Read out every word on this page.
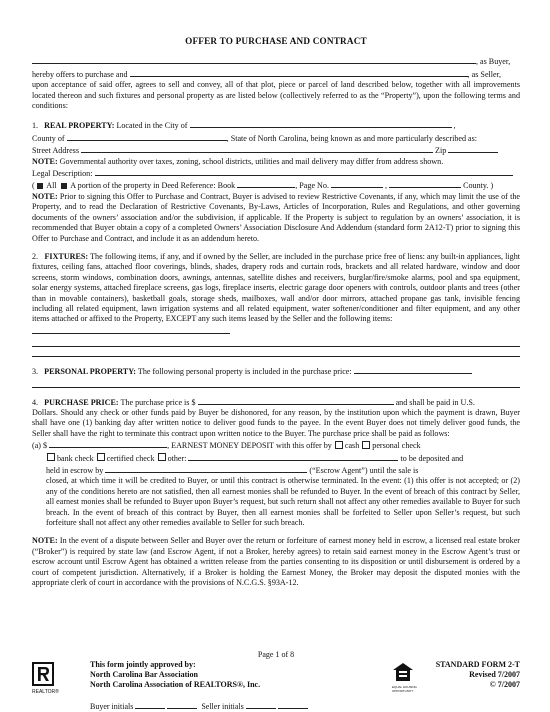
OFFER TO PURCHASE AND CONTRACT

, as Buyer,

hereby offers to purchase and	, as Seller,

upon acceptance of said offer, agrees to sell and convey, all of that plot, piece or parcel of land described below, together with all improvements located thereon and such fixtures and personal property as are listed below (collectively referred to as the “Property”), upon the following terms and conditions:

1. REAL PROPERTY: Located in the City of	,

County of	, State of North Carolina, being known as and more particularly described as:

Street Address	Zip

NOTE: Governmental authority over taxes, zoning, school districts, utilities and mail delivery may differ from address shown.

Legal Description:

( All A portion of the property in Deed Reference: Book	, Page No.	,	County. )

NOTE: Prior to signing this Offer to Purchase and Contract, Buyer is advised to review Restrictive Covenants, if any, which may limit the use of the Property, and to read the Declaration of Restrictive Covenants, By-Laws, Articles of Incorporation, Rules and Regulations, and other governing documents of the owners’ association and/or the subdivision, if applicable. If the Property is subject to regulation by an owners’ association, it is recommended that Buyer obtain a copy of a completed Owners’ Association Disclosure And Addendum (standard form 2A12-T) prior to signing this Offer to Purchase and Contract, and include it as an addendum hereto.

2. FIXTURES: The following items, if any, and if owned by the Seller, are included in the purchase price free of liens: any built-in appliances, light fixtures, ceiling fans, attached floor coverings, blinds, shades, drapery rods and curtain rods, brackets and all related hardware, window and door screens, storm windows, combination doors, awnings, antennas, satellite dishes and receivers, burglar/fire/smoke alarms, pool and spa equipment, solar energy systems, attached fireplace screens, gas logs, fireplace inserts, electric garage door openers with controls, outdoor plants and trees (other than in movable containers), basketball goals, storage sheds, mailboxes, wall and/or door mirrors, attached propane gas tank, invisible fencing including all related equipment, lawn irrigation systems and all related equipment, water softener/conditioner and filter equipment, and any other items attached or affixed to the Property, EXCEPT any such items leased by the Seller and the following items:

3. PERSONAL PROPERTY: The following personal property is included in the purchase price:

4. PURCHASE PRICE: The purchase price is $	and shall be paid in U.S.

Dollars. Should any check or other funds paid by Buyer be dishonored, for any reason, by the institution upon which the payment is drawn, Buyer shall have one (1) banking day after written notice to deliver good funds to the payee. In the event Buyer does not timely deliver good funds, the Seller shall have the right to terminate this contract upon written notice to the Buyer. The purchase price shall be paid as follows:

(a) $	, EARNEST MONEY DEPOSIT with this offer by cash personal check

bank check certified check other:	to be deposited and

held in escrow by	(“Escrow Agent”) until the sale is

closed, at which time it will be credited to Buyer, or until this contract is otherwise terminated. In the event: (1) this offer is not accepted; or (2) any of the conditions hereto are not satisfied, then all earnest monies shall be refunded to Buyer. In the event of breach of this contract by Seller, all earnest monies shall be refunded to Buyer upon Buyer’s request, but such return shall not affect any other remedies available to Buyer for such breach. In the event of breach of this contract by Buyer, then all earnest monies shall be forfeited to Seller upon Seller’s request, but such forfeiture shall not affect any other remedies available to Seller for such breach.

NOTE: In the event of a dispute between Seller and Buyer over the return or forfeiture of earnest money held in escrow, a licensed real estate broker (“Broker”) is required by state law (and Escrow Agent, if not a Broker, hereby agrees) to retain said earnest money in the Escrow Agent’s trust or escrow account until Escrow Agent has obtained a written release from the parties consenting to its disposition or until disbursement is ordered by a court of competent jurisdiction. Alternatively, if a Broker is holding the Earnest Money, the Broker may deposit the disputed monies with the appropriate clerk of court in accordance with the provisions of N.C.G.S. §93A-12.

Page 1 of 8
REALTOR®
This form jointly approved by:
North Carolina Bar Association
North Carolina Association of REALTORS®, Inc.	EQUAL HOUSING OPPORTUNITY
STANDARD FORM 2-T
Revised 7/2007
© 7/2007
Buyer initials	Seller initials
